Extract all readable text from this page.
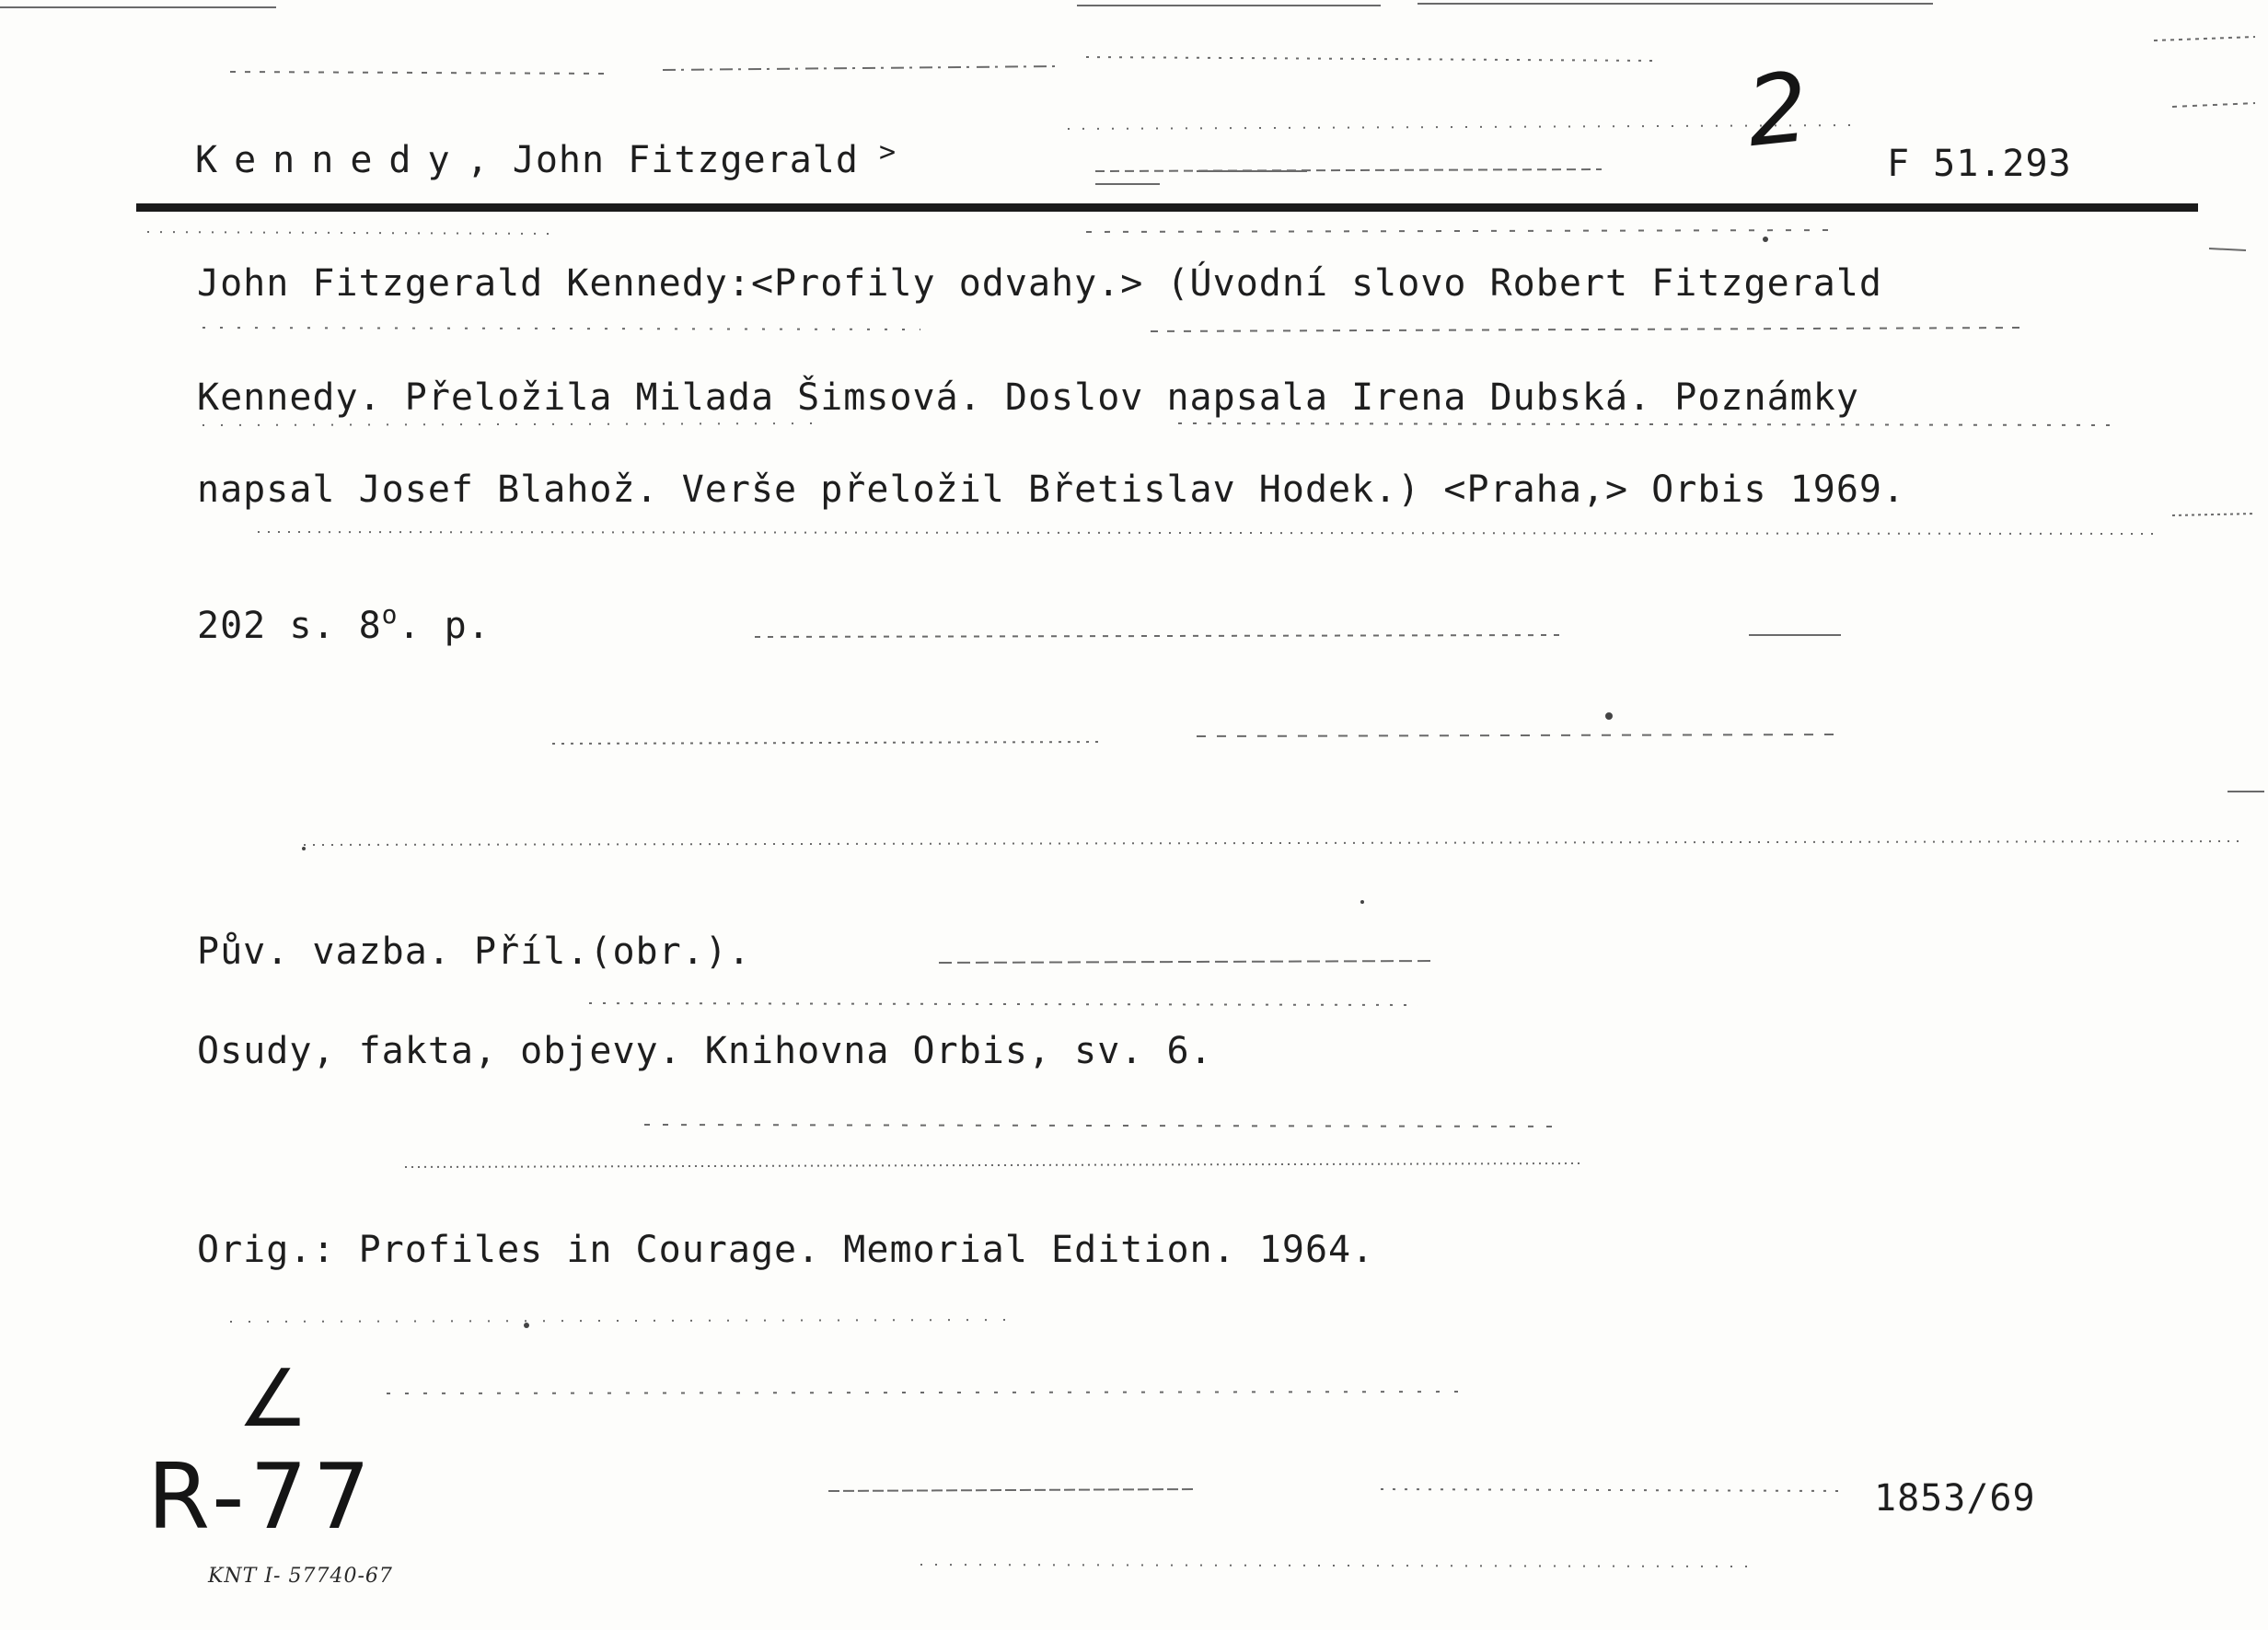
Kennedy, John Fitzgerald >	2 F 51.293
John Fitzgerald Kennedy:<Profily odvahy.> (Úvodní slovo Robert Fitzgerald
Kennedy. Přeložila Milada Šimsová. Doslov napsala Irena Dubská. Poznámky
napsal Josef Blahož. Verše přeložil Břetislav Hodek.) <Praha,> Orbis 1969.
202 s. 8$^o$. p.
Pův. vazba. Příl.(obr.).
Osudy, fakta, objevy. Knihovna Orbis, sv. 6.
Orig.: Profiles in Courage. Memorial Edition. 1964.
∠
R-77	1853/69
KNT I- 57740-67
